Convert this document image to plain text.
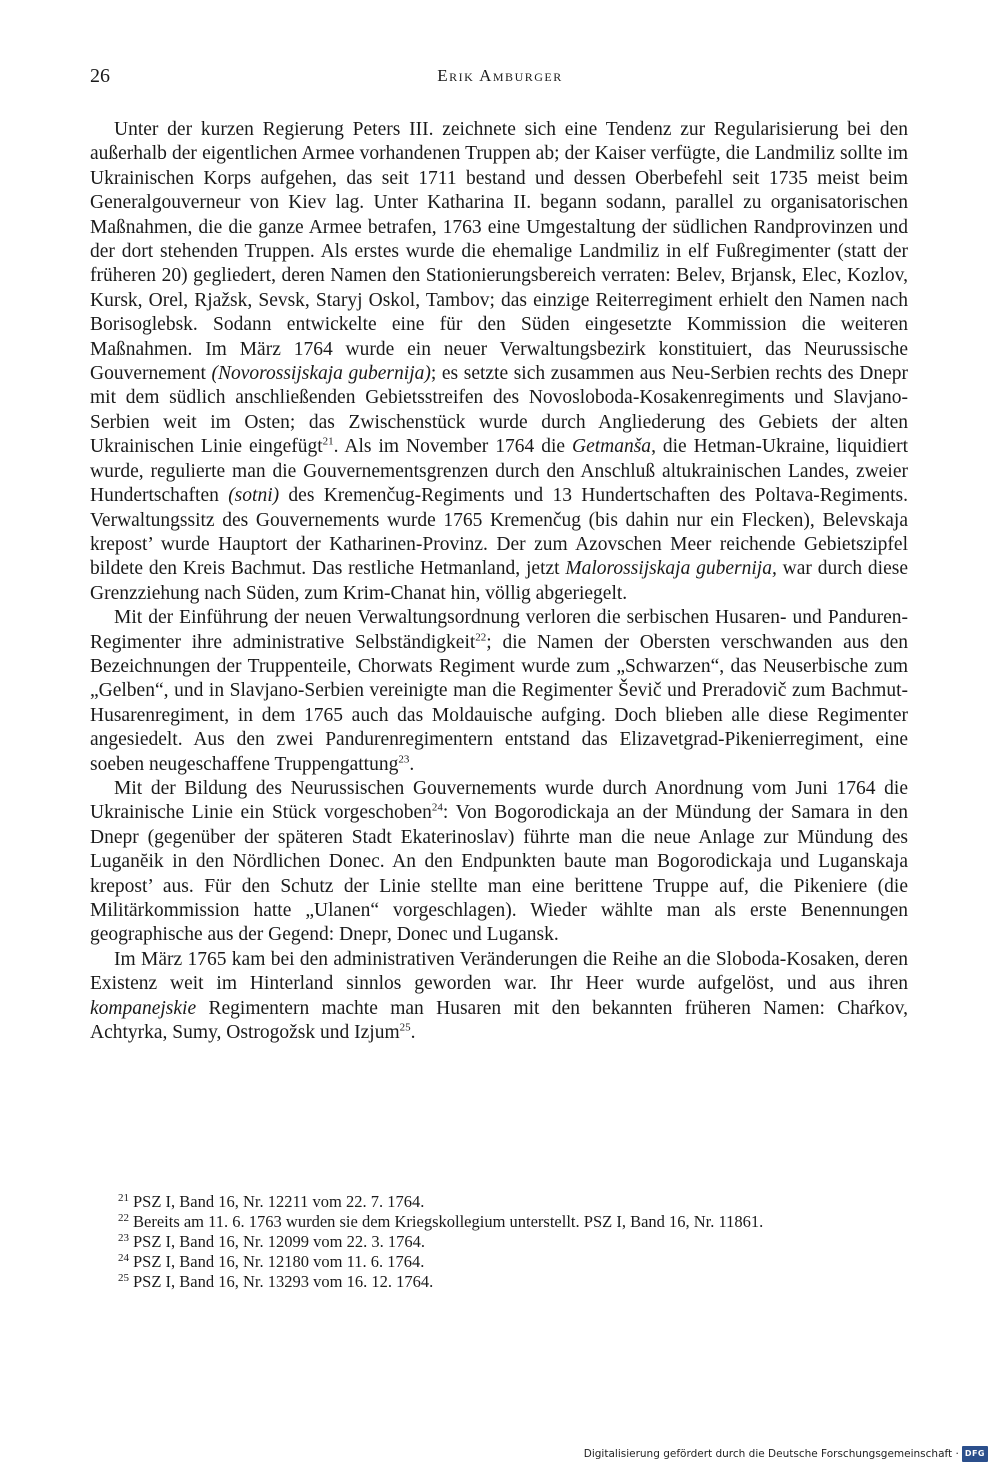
26	Erik Amburger

Unter der kurzen Regierung Peters III. zeichnete sich eine Tendenz zur Regularisierung bei den außerhalb der eigentlichen Armee vorhandenen Truppen ab; der Kaiser verfügte, die Landmiliz sollte im Ukrainischen Korps aufgehen, das seit 1711 bestand und dessen Oberbefehl seit 1735 meist beim Generalgouverneur von Kiev lag. Unter Katharina II. begann sodann, parallel zu organisatorischen Maßnahmen, die die ganze Armee betrafen, 1763 eine Umgestaltung der südlichen Randprovinzen und der dort stehenden Truppen. Als erstes wurde die ehemalige Landmiliz in elf Fußregimenter (statt der früheren 20) gegliedert, deren Namen den Stationierungsbereich verraten: Belev, Brjansk, Elec, Kozlov, Kursk, Orel, Rjažsk, Sevsk, Staryj Oskol, Tambov; das einzige Reiterregiment erhielt den Namen nach Borisoglebsk. Sodann entwickelte eine für den Süden eingesetzte Kommission die weiteren Maßnahmen. Im März 1764 wurde ein neuer Verwaltungsbezirk konstituiert, das Neurussische Gouvernement (Novorossijskaja gubernija); es setzte sich zusammen aus Neu-Serbien rechts des Dnepr mit dem südlich anschließenden Gebietsstreifen des Novoslobodа-Kosakenregiments und Slavjano-Serbien weit im Osten; das Zwischenstück wurde durch Angliederung des Gebiets der alten Ukrainischen Linie eingefügt$^{21}$. Als im November 1764 die Getmanša, die Hetman-Ukraine, liquidiert wurde, regulierte man die Gouvernementsgrenzen durch den Anschluß altukrainischen Landes, zweier Hundertschaften (sotni) des Kremenčug-Regiments und 13 Hundertschaften des Poltava-Regiments. Verwaltungssitz des Gouvernements wurde 1765 Kremenčug (bis dahin nur ein Flecken), Belevskaja krepost’ wurde Hauptort der Katharinen-Provinz. Der zum Azovschen Meer reichende Gebietszipfel bildete den Kreis Bachmut. Das restliche Hetmanland, jetzt Malorossijskaja gubernija, war durch diese Grenzziehung nach Süden, zum Krim-Chanat hin, völlig abgeriegelt.

Mit der Einführung der neuen Verwaltungsordnung verloren die serbischen Husaren- und Panduren-Regimenter ihre administrative Selbständigkeit$^{22}$; die Namen der Obersten verschwanden aus den Bezeichnungen der Truppenteile, Chorwats Regiment wurde zum „Schwarzen“, das Neuserbische zum „Gelben“, und in Slavjano-Serbien vereinigte man die Regimenter Ševič und Preradovič zum Bachmut-Husarenregiment, in dem 1765 auch das Moldauische aufging. Doch blieben alle diese Regimenter angesiedelt. Aus den zwei Pandurenregimentern entstand das Elizavetgrad-Pikenierregiment, eine soeben neugeschaffene Truppengattung$^{23}$.

Mit der Bildung des Neurussischen Gouvernements wurde durch Anordnung vom Juni 1764 die Ukrainische Linie ein Stück vorgeschoben$^{24}$: Von Bogorodickaja an der Mündung der Samara in den Dnepr (gegenüber der späteren Stadt Ekaterinoslav) führte man die neue Anlage zur Mündung des Luganĕik in den Nördlichen Donec. An den Endpunkten baute man Bogorodickaja und Luganskaja krepost’ aus. Für den Schutz der Linie stellte man eine berittene Truppe auf, die Pikeniere (die Militärkommission hatte „Ulanen“ vorgeschlagen). Wieder wählte man als erste Benennungen geographische aus der Gegend: Dnepr, Donec und Lugansk.

Im März 1765 kam bei den administrativen Veränderungen die Reihe an die Sloboda-Kosaken, deren Existenz weit im Hinterland sinnlos geworden war. Ihr Heer wurde aufgelöst, und aus ihren kompanejskie Regimentern machte man Husaren mit den bekannten früheren Namen: Chaŕkov, Achtyrka, Sumy, Ostrogožsk und Izjum$^{25}$.

$^{21}$ PSZ I, Band 16, Nr. 12211 vom 22. 7. 1764.
$^{22}$ Bereits am 11. 6. 1763 wurden sie dem Kriegskollegium unterstellt. PSZ I, Band 16, Nr. 11861.
$^{23}$ PSZ I, Band 16, Nr. 12099 vom 22. 3. 1764.
$^{24}$ PSZ I, Band 16, Nr. 12180 vom 11. 6. 1764.
$^{25}$ PSZ I, Band 16, Nr. 13293 vom 16. 12. 1764.
Digitalisierung gefördert durch die Deutsche Forschungsgemeinschaft · DFG
